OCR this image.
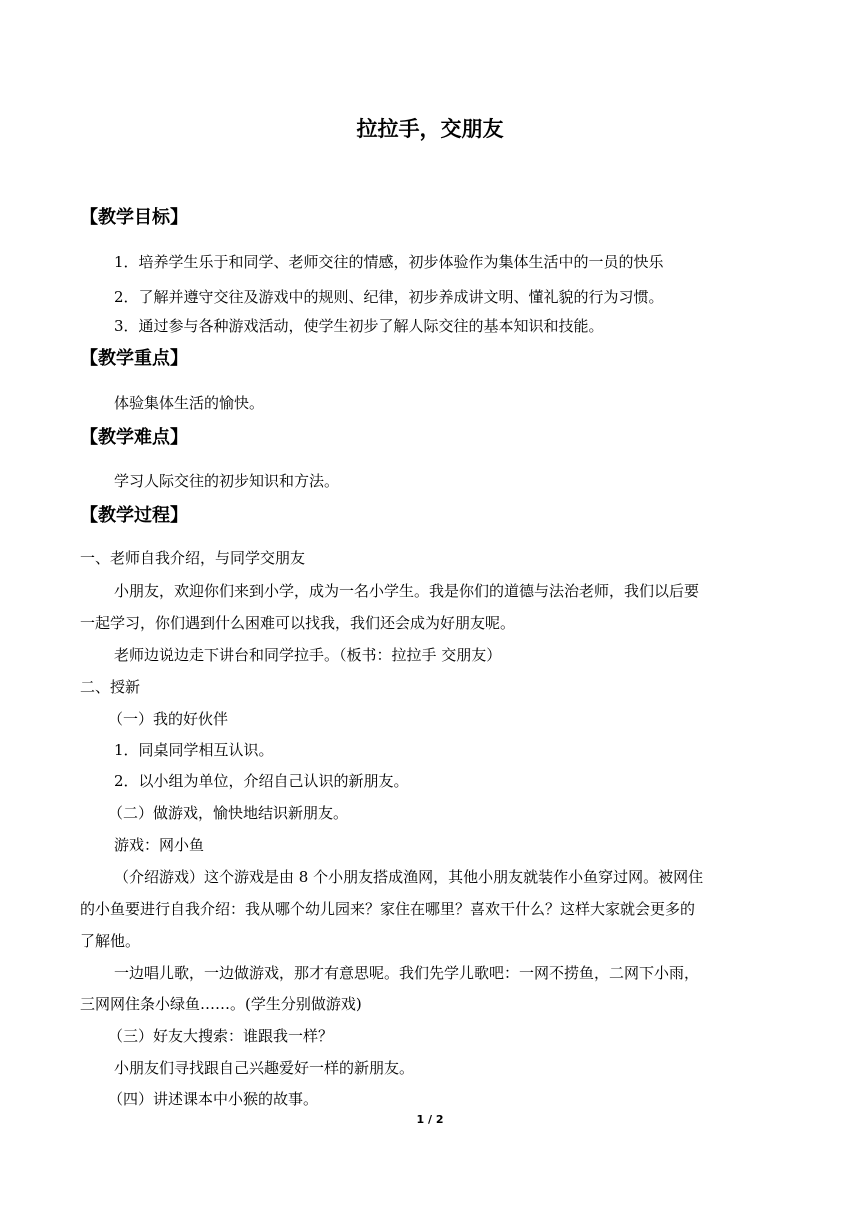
拉拉手，交朋友
【教学目标】
1．培养学生乐于和同学、老师交往的情感，初步体验作为集体生活中的一员的快乐
2．了解并遵守交往及游戏中的规则、纪律，初步养成讲文明、懂礼貌的行为习惯。
3．通过参与各种游戏活动，使学生初步了解人际交往的基本知识和技能。
【教学重点】
体验集体生活的愉快。
【教学难点】
学习人际交往的初步知识和方法。
【教学过程】
一、老师自我介绍，与同学交朋友
小朋友，欢迎你们来到小学，成为一名小学生。我是你们的道德与法治老师，我们以后要
一起学习，你们遇到什么困难可以找我，我们还会成为好朋友呢。
老师边说边走下讲台和同学拉手。（板书：拉拉手 交朋友）
二、授新
（一）我的好伙伴
1．同桌同学相互认识。
2．以小组为单位，介绍自己认识的新朋友。
（二）做游戏，愉快地结识新朋友。
游戏：网小鱼
（介绍游戏）这个游戏是由 8 个小朋友搭成渔网，其他小朋友就装作小鱼穿过网。被网住
的小鱼要进行自我介绍：我从哪个幼儿园来？家住在哪里？喜欢干什么？这样大家就会更多的
了解他。
一边唱儿歌，一边做游戏，那才有意思呢。我们先学儿歌吧：一网不捞鱼，二网下小雨，
三网网住条小绿鱼……。(学生分别做游戏)
（三）好友大搜索：谁跟我一样？
小朋友们寻找跟自己兴趣爱好一样的新朋友。
（四）讲述课本中小猴的故事。
1 / 2
